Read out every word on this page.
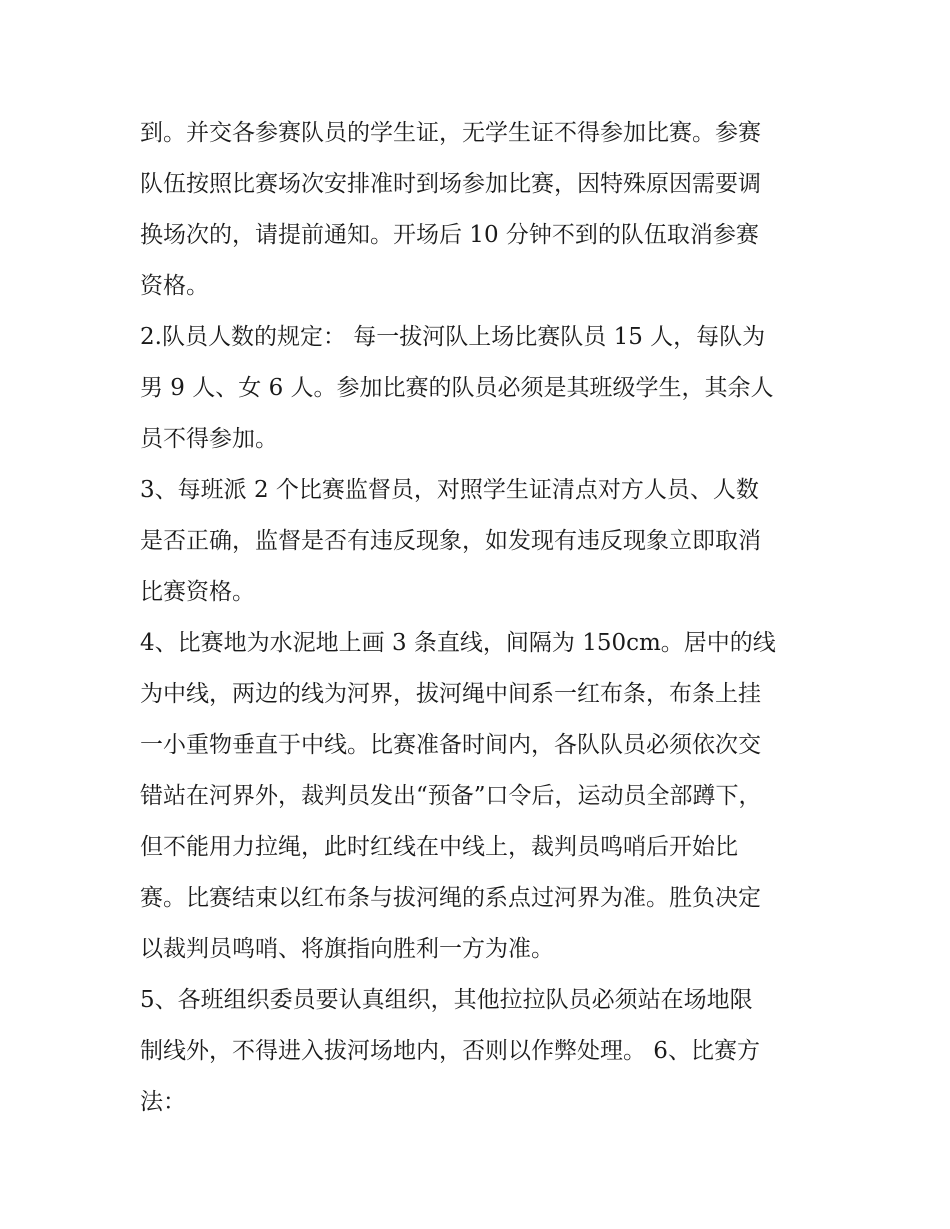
到。并交各参赛队员的学生证，无学生证不得参加比赛。参赛
队伍按照比赛场次安排准时到场参加比赛，因特殊原因需要调
换场次的，请提前通知。开场后 10 分钟不到的队伍取消参赛
资格。
2.队员人数的规定： 每一拔河队上场比赛队员 15 人，每队为
男 9 人、女 6 人。参加比赛的队员必须是其班级学生，其余人
员不得参加。
3、每班派 2 个比赛监督员，对照学生证清点对方人员、人数
是否正确，监督是否有违反现象，如发现有违反现象立即取消
比赛资格。
4、比赛地为水泥地上画 3 条直线，间隔为 150cm。居中的线
为中线，两边的线为河界，拔河绳中间系一红布条，布条上挂
一小重物垂直于中线。比赛准备时间内，各队队员必须依次交
错站在河界外，裁判员发出“预备”口令后，运动员全部蹲下，
但不能用力拉绳，此时红线在中线上，裁判员鸣哨后开始比
赛。比赛结束以红布条与拔河绳的系点过河界为准。胜负决定
以裁判员鸣哨、将旗指向胜利一方为准。
5、各班组织委员要认真组织，其他拉拉队员必须站在场地限
制线外，不得进入拔河场地内，否则以作弊处理。 6、比赛方
法：
